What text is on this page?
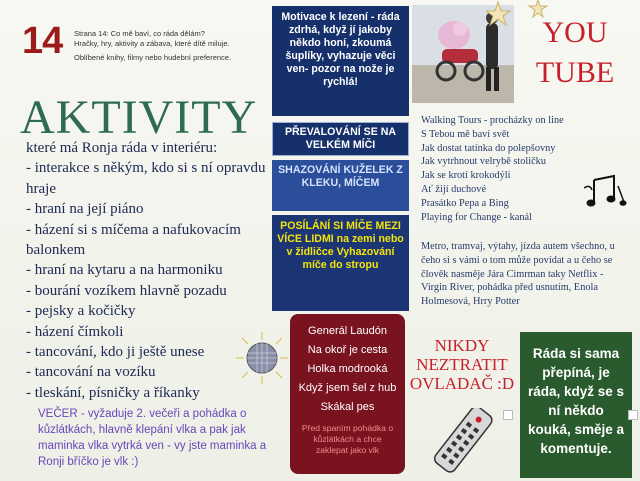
14 Strana 14: Co mě baví, co ráda dělám?
Hračky, hry, aktivity a zábava, které dítě miluje.
Oblíbené knihy, filmy nebo hudební preference.
AKTIVITY
které má Ronja ráda v interiéru:
- interakce s někým, kdo si s ní opravdu hraje
- hraní na její piáno
- házení si s míčema a nafukovacím balonkem
- hraní na kytaru a na harmoniku
- bourání vozíkem hlavně pozadu
- pejsky a kočičky
- házení čímkoli
- tancování, kdo ji ještě unese
- tancování na vozíku
- tleskání, písničky a říkanky
VEČER - vyžaduje 2. večeři a pohádka o kůzlátkách, hlavně klepání vlka a pak jak maminka vlka vytrká ven - vy jste maminka a Ronji bříčko je vlk :)
Motivace k lezení - ráda zdrhá, když jí jakoby někdo honí, zkoumá šuplíky, vyhazuje věci ven- pozor na nože je rychlá!
PŘEVALOVÁNÍ SE NA VELKÉM MÍČI
SHAZOVÁNÍ KUŽELEK Z KLEKU, MÍČEM
POSÍLÁNÍ SI MÍČE MEZI VÍCE LIDMI na zemi nebo v židličce Vyhazování míče do stropu
YOU
TUBE
Walking Tours - procházky on line
S Tebou mě baví svět
Jak dostat tatínka do polepšovny
Jak vytrhnout velrybě stoličku
Jak se krotí krokodýli
Ať žijí duchové
Prasátko Pepa a Bing
Playing for Change - kanál
Metro, tramvaj, výtahy, jízda autem všechno, u čeho si s vámi o tom může povídat a u čeho se člověk nasměje Jára Cimrman taky Netflix - Virgin River, pohádka před usnutím, Enola Holmesová, Hrry Potter
Generál Laudón
Na okoř je cesta
Holka modrooká
Když jsem šel z hub
Skákal pes
Před spaním pohádka o kůzlátkách a chce zaklepat jako vlk
NIKDY
NEZTRATIT
OVLADAČ :D
Ráda si sama přepíná, je ráda, když se s ní někdo kouká, směje a komentuje.
